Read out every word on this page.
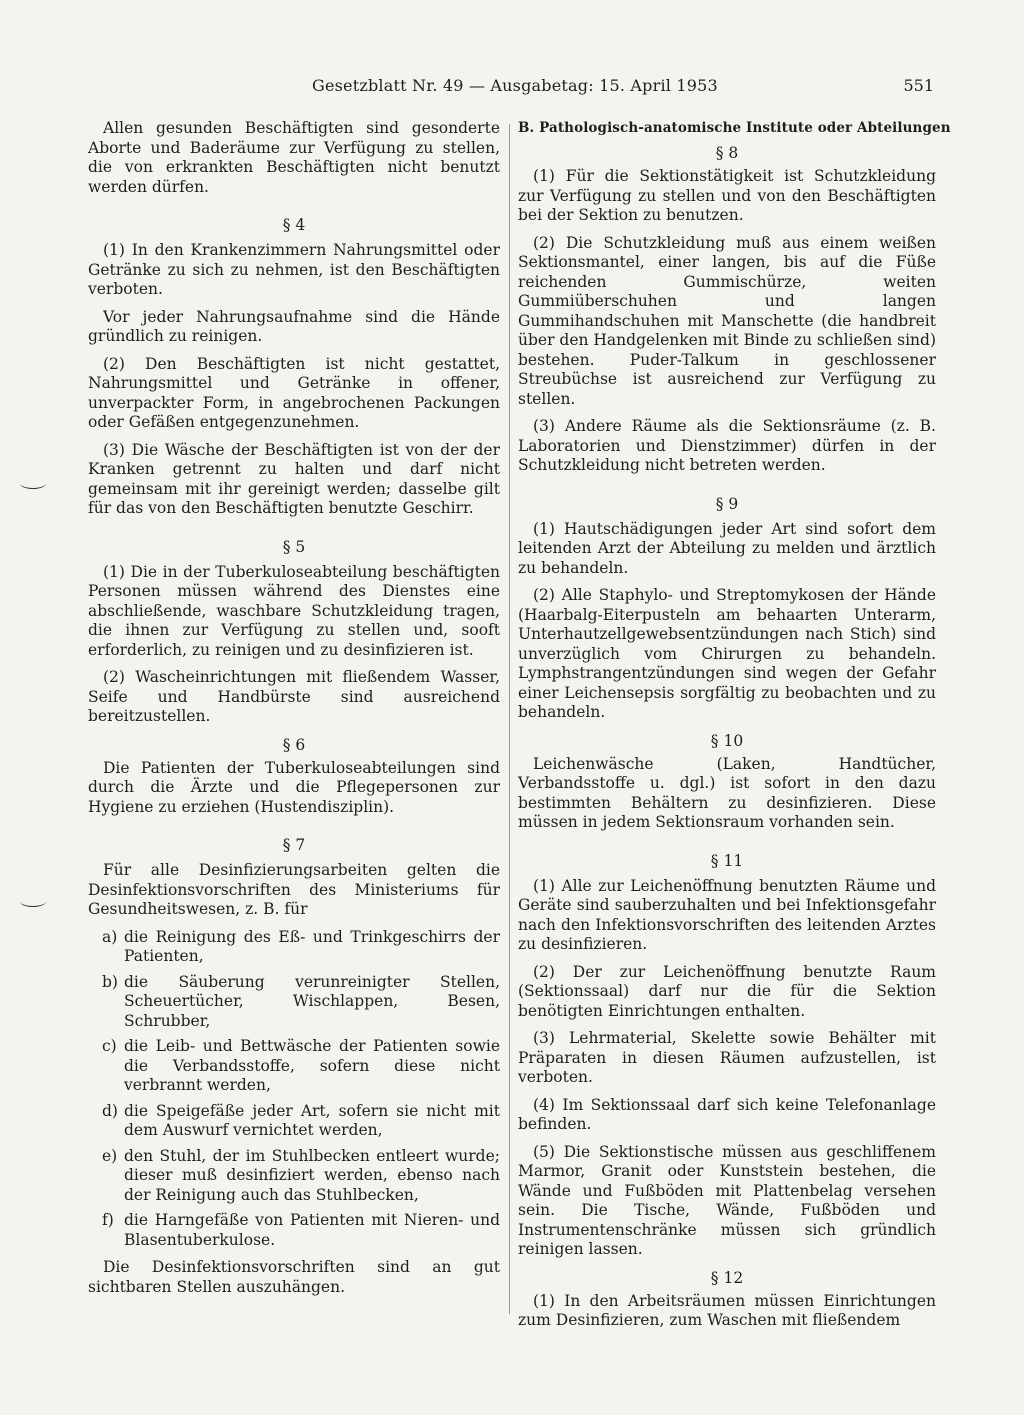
Gesetzblatt Nr. 49 — Ausgabetag: 15. April 1953	551

Allen gesunden Beschäftigten sind gesonderte Aborte und Baderäume zur Verfügung zu stellen, die von erkrankten Beschäftigten nicht benutzt werden dürfen.

§ 4

(1) In den Krankenzimmern Nahrungsmittel oder Getränke zu sich zu nehmen, ist den Beschäftigten verboten.

Vor jeder Nahrungsaufnahme sind die Hände gründlich zu reinigen.

(2) Den Beschäftigten ist nicht gestattet, Nahrungsmittel und Getränke in offener, unverpackter Form, in angebrochenen Packungen oder Gefäßen entgegenzunehmen.

(3) Die Wäsche der Beschäftigten ist von der der Kranken getrennt zu halten und darf nicht gemeinsam mit ihr gereinigt werden; dasselbe gilt für das von den Beschäftigten benutzte Geschirr.

§ 5

(1) Die in der Tuberkuloseabteilung beschäftigten Personen müssen während des Dienstes eine abschließende, waschbare Schutzkleidung tragen, die ihnen zur Verfügung zu stellen und, sooft erforderlich, zu reinigen und zu desinfizieren ist.

(2) Wascheinrichtungen mit fließendem Wasser, Seife und Handbürste sind ausreichend bereitzustellen.

§ 6

Die Patienten der Tuberkuloseabteilungen sind durch die Ärzte und die Pflegepersonen zur Hygiene zu erziehen (Hustendisziplin).

§ 7

Für alle Desinfizierungsarbeiten gelten die Desinfektionsvorschriften des Ministeriums für Gesundheitswesen, z. B. für

a) die Reinigung des Eß- und Trinkgeschirrs der Patienten,
b) die Säuberung verunreinigter Stellen, Scheuertücher, Wischlappen, Besen, Schrubber,
c) die Leib- und Bettwäsche der Patienten sowie die Verbandsstoffe, sofern diese nicht verbrannt werden,
d) die Speigefäße jeder Art, sofern sie nicht mit dem Auswurf vernichtet werden,
e) den Stuhl, der im Stuhlbecken entleert wurde; dieser muß desinfiziert werden, ebenso nach der Reinigung auch das Stuhlbecken,
f) die Harngefäße von Patienten mit Nieren- und Blasentuberkulose.

Die Desinfektionsvorschriften sind an gut sichtbaren Stellen auszuhängen.

B. Pathologisch-anatomische Institute oder Abteilungen
§ 8

(1) Für die Sektionstätigkeit ist Schutzkleidung zur Verfügung zu stellen und von den Beschäftigten bei der Sektion zu benutzen.

(2) Die Schutzkleidung muß aus einem weißen Sektionsmantel, einer langen, bis auf die Füße reichenden Gummischürze, weiten Gummiüberschuhen und langen Gummihandschuhen mit Manschette (die handbreit über den Handgelenken mit Binde zu schließen sind) bestehen. Puder-Talkum in geschlossener Streubüchse ist ausreichend zur Verfügung zu stellen.

(3) Andere Räume als die Sektionsräume (z. B. Laboratorien und Dienstzimmer) dürfen in der Schutzkleidung nicht betreten werden.

§ 9

(1) Hautschädigungen jeder Art sind sofort dem leitenden Arzt der Abteilung zu melden und ärztlich zu behandeln.

(2) Alle Staphylo- und Streptomykosen der Hände (Haarbalg-Eiterpusteln am behaarten Unterarm, Unterhautzellgewebsentzündungen nach Stich) sind unverzüglich vom Chirurgen zu behandeln. Lymphstrangentzündungen sind wegen der Gefahr einer Leichensepsis sorgfältig zu beobachten und zu behandeln.

§ 10

Leichenwäsche (Laken, Handtücher, Verbandsstoffe u. dgl.) ist sofort in den dazu bestimmten Behältern zu desinfizieren. Diese müssen in jedem Sektionsraum vorhanden sein.

§ 11

(1) Alle zur Leichenöffnung benutzten Räume und Geräte sind sauberzuhalten und bei Infektionsgefahr nach den Infektionsvorschriften des leitenden Arztes zu desinfizieren.

(2) Der zur Leichenöffnung benutzte Raum (Sektionssaal) darf nur die für die Sektion benötigten Einrichtungen enthalten.

(3) Lehrmaterial, Skelette sowie Behälter mit Präparaten in diesen Räumen aufzustellen, ist verboten.

(4) Im Sektionssaal darf sich keine Telefonanlage befinden.

(5) Die Sektionstische müssen aus geschliffenem Marmor, Granit oder Kunststein bestehen, die Wände und Fußböden mit Plattenbelag versehen sein. Die Tische, Wände, Fußböden und Instrumentenschränke müssen sich gründlich reinigen lassen.

§ 12

(1) In den Arbeitsräumen müssen Einrichtungen zum Desinfizieren, zum Waschen mit fließendem
